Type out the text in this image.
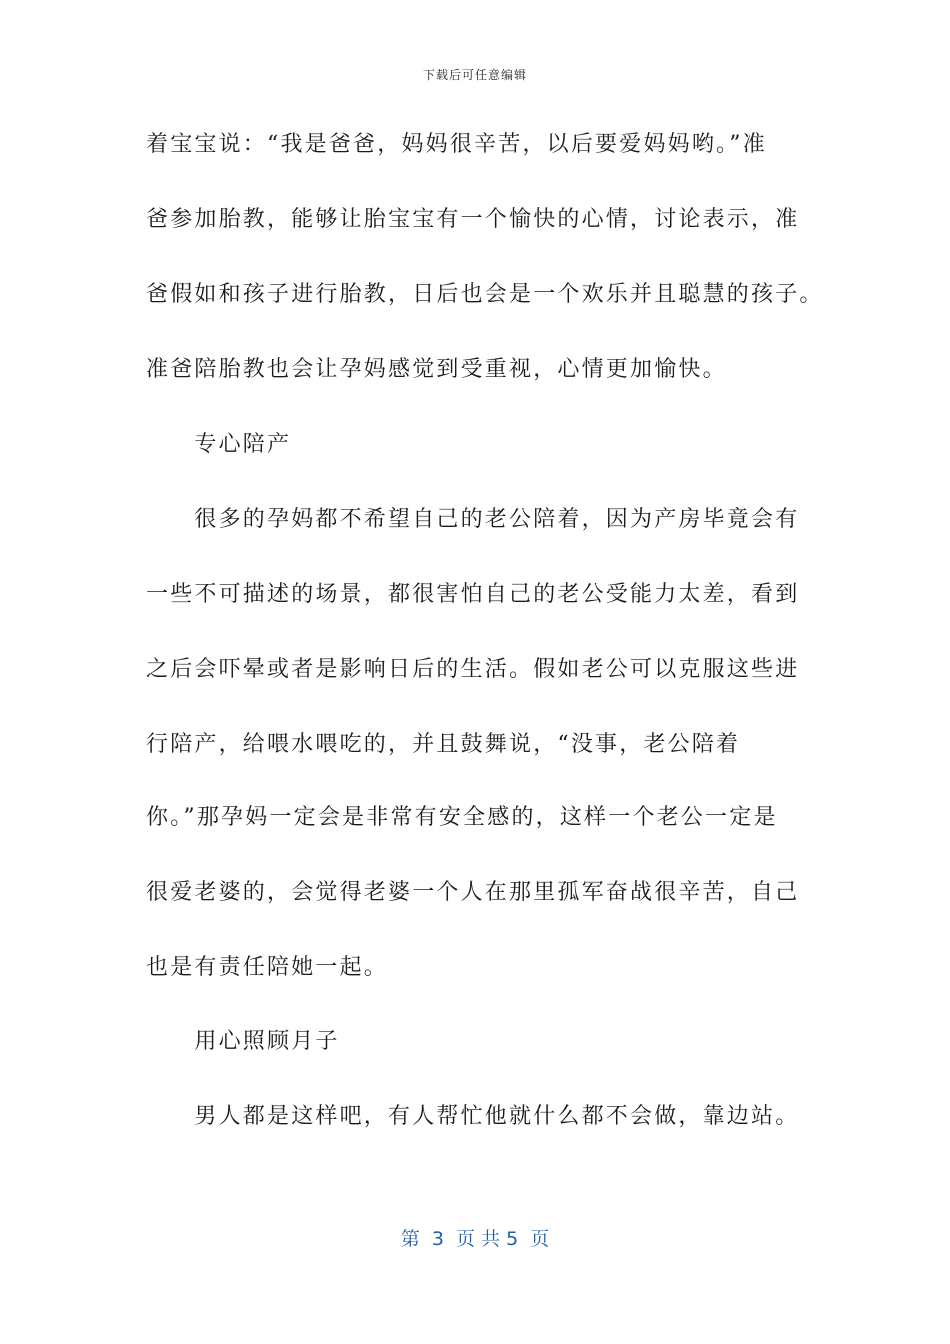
下载后可任意编辑
着宝宝说：“我是爸爸，妈妈很辛苦，以后要爱妈妈哟。”准
爸参加胎教，能够让胎宝宝有一个愉快的心情，讨论表示，准
爸假如和孩子进行胎教，日后也会是一个欢乐并且聪慧的孩子。
准爸陪胎教也会让孕妈感觉到受重视，心情更加愉快。
　　专心陪产
　　很多的孕妈都不希望自己的老公陪着，因为产房毕竟会有
一些不可描述的场景，都很害怕自己的老公受能力太差，看到
之后会吓晕或者是影响日后的生活。假如老公可以克服这些进
行陪产，给喂水喂吃的，并且鼓舞说，“没事，老公陪着
你。”那孕妈一定会是非常有安全感的，这样一个老公一定是
很爱老婆的，会觉得老婆一个人在那里孤军奋战很辛苦，自己
也是有责任陪她一起。
　　用心照顾月子
　　男人都是这样吧，有人帮忙他就什么都不会做，靠边站。
第  3  页 共 5  页
